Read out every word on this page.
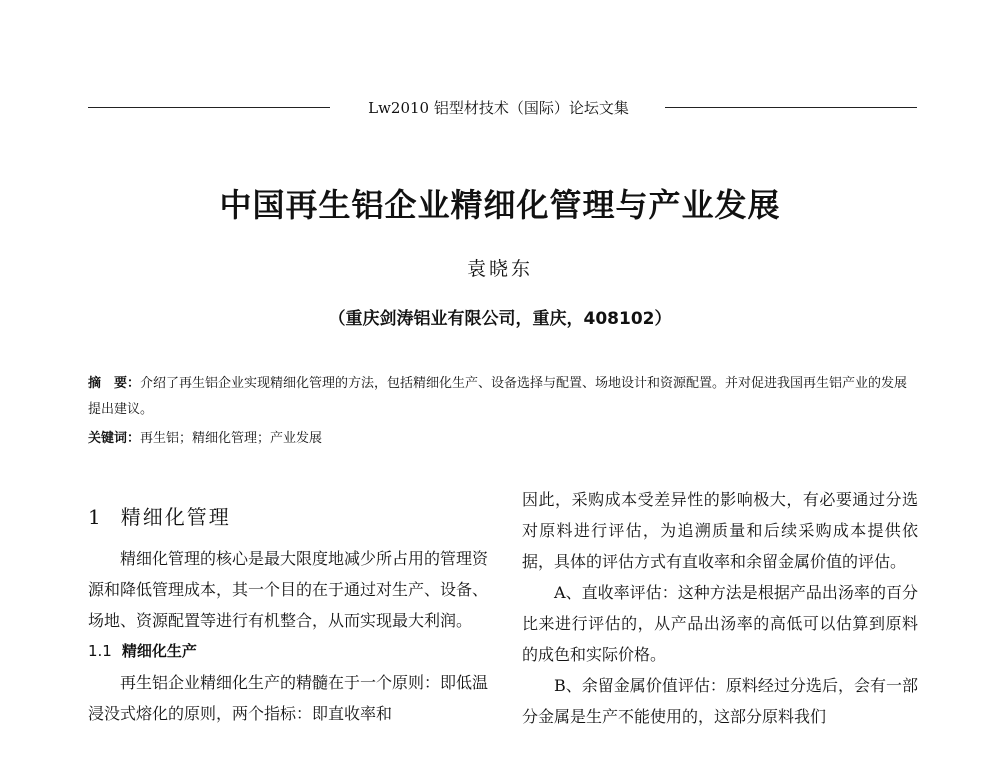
Lw2010 铝型材技术（国际）论坛文集
中国再生铝企业精细化管理与产业发展
袁晓东
（重庆剑涛铝业有限公司，重庆，408102）
摘　要：介绍了再生铝企业实现精细化管理的方法，包括精细化生产、设备选择与配置、场地设计和资源配置。并对促进我国再生铝产业的发展提出建议。
关键词：再生铝；精细化管理；产业发展
1 精细化管理

精细化管理的核心是最大限度地减少所占用的管理资源和降低管理成本，其一个目的在于通过对生产、设备、场地、资源配置等进行有机整合，从而实现最大利润。

1.1 精细化生产

再生铝企业精细化生产的精髓在于一个原则：即低温浸没式熔化的原则，两个指标：即直收率和

因此，采购成本受差异性的影响极大，有必要通过分选对原料进行评估，为追溯质量和后续采购成本提供依据，具体的评估方式有直收率和余留金属价值的评估。

A、直收率评估：这种方法是根据产品出汤率的百分比来进行评估的，从产品出汤率的高低可以估算到原料的成色和实际价格。

B、余留金属价值评估：原料经过分选后，会有一部分金属是生产不能使用的，这部分原料我们
